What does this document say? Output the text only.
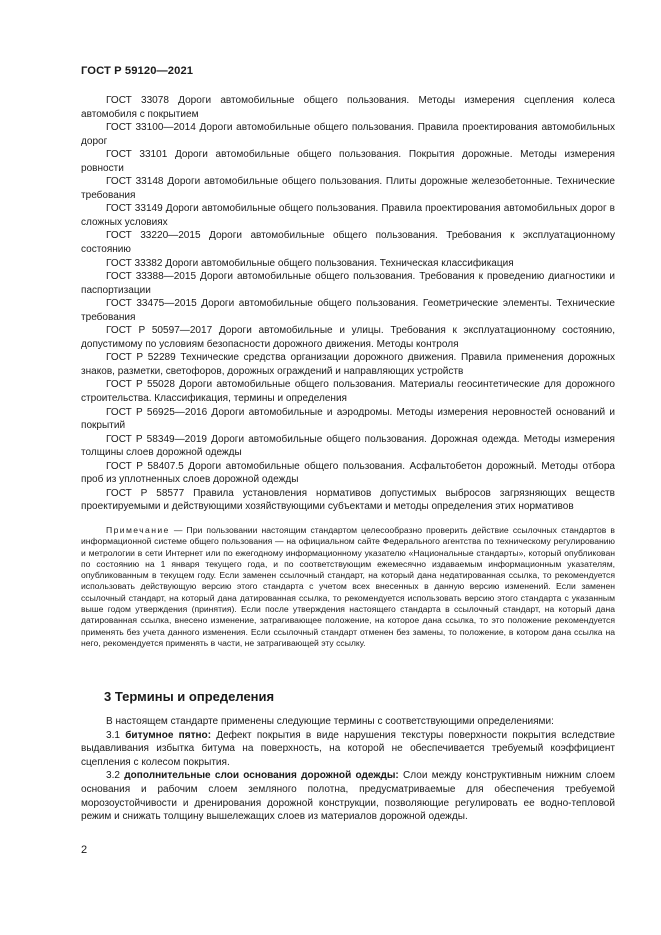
ГОСТ Р 59120—2021

ГОСТ 33078 Дороги автомобильные общего пользования. Методы измерения сцепления колеса автомобиля с покрытием

ГОСТ 33100—2014 Дороги автомобильные общего пользования. Правила проектирования автомобильных дорог

ГОСТ 33101 Дороги автомобильные общего пользования. Покрытия дорожные. Методы измерения ровности

ГОСТ 33148 Дороги автомобильные общего пользования. Плиты дорожные железобетонные. Технические требования

ГОСТ 33149 Дороги автомобильные общего пользования. Правила проектирования автомобильных дорог в сложных условиях

ГОСТ 33220—2015 Дороги автомобильные общего пользования. Требования к эксплуатационному состоянию

ГОСТ 33382 Дороги автомобильные общего пользования. Техническая классификация

ГОСТ 33388—2015 Дороги автомобильные общего пользования. Требования к проведению диагностики и паспортизации

ГОСТ 33475—2015 Дороги автомобильные общего пользования. Геометрические элементы. Технические требования

ГОСТ Р 50597—2017 Дороги автомобильные и улицы. Требования к эксплуатационному состоянию, допустимому по условиям безопасности дорожного движения. Методы контроля

ГОСТ Р 52289 Технические средства организации дорожного движения. Правила применения дорожных знаков, разметки, светофоров, дорожных ограждений и направляющих устройств

ГОСТ Р 55028 Дороги автомобильные общего пользования. Материалы геосинтетические для дорожного строительства. Классификация, термины и определения

ГОСТ Р 56925—2016 Дороги автомобильные и аэродромы. Методы измерения неровностей оснований и покрытий

ГОСТ Р 58349—2019 Дороги автомобильные общего пользования. Дорожная одежда. Методы измерения толщины слоев дорожной одежды

ГОСТ Р 58407.5 Дороги автомобильные общего пользования. Асфальтобетон дорожный. Методы отбора проб из уплотненных слоев дорожной одежды

ГОСТ Р 58577 Правила установления нормативов допустимых выбросов загрязняющих веществ проектируемыми и действующими хозяйствующими субъектами и методы определения этих нормативов

Примечание — При пользовании настоящим стандартом целесообразно проверить действие ссылочных стандартов в информационной системе общего пользования — на официальном сайте Федерального агентства по техническому регулированию и метрологии в сети Интернет или по ежегодному информационному указателю «Национальные стандарты», который опубликован по состоянию на 1 января текущего года, и по соответствующим ежемесячно издаваемым информационным указателям, опубликованным в текущем году. Если заменен ссылочный стандарт, на который дана недатированная ссылка, то рекомендуется использовать действующую версию этого стандарта с учетом всех внесенных в данную версию изменений. Если заменен ссылочный стандарт, на который дана датированная ссылка, то рекомендуется использовать версию этого стандарта с указанным выше годом утверждения (принятия). Если после утверждения настоящего стандарта в ссылочный стандарт, на который дана датированная ссылка, внесено изменение, затрагивающее положение, на которое дана ссылка, то это положение рекомендуется применять без учета данного изменения. Если ссылочный стандарт отменен без замены, то положение, в котором дана ссылка на него, рекомендуется применять в части, не затрагивающей эту ссылку.

3 Термины и определения

В настоящем стандарте применены следующие термины с соответствующими определениями:

3.1 битумное пятно: Дефект покрытия в виде нарушения текстуры поверхности покрытия вследствие выдавливания избытка битума на поверхность, на которой не обеспечивается требуемый коэффициент сцепления с колесом покрытия.

3.2 дополнительные слои основания дорожной одежды: Слои между конструктивным нижним слоем основания и рабочим слоем земляного полотна, предусматриваемые для обеспечения требуемой морозоустойчивости и дренирования дорожной конструкции, позволяющие регулировать ее водно-тепловой режим и снижать толщину вышележащих слоев из материалов дорожной одежды.

2
